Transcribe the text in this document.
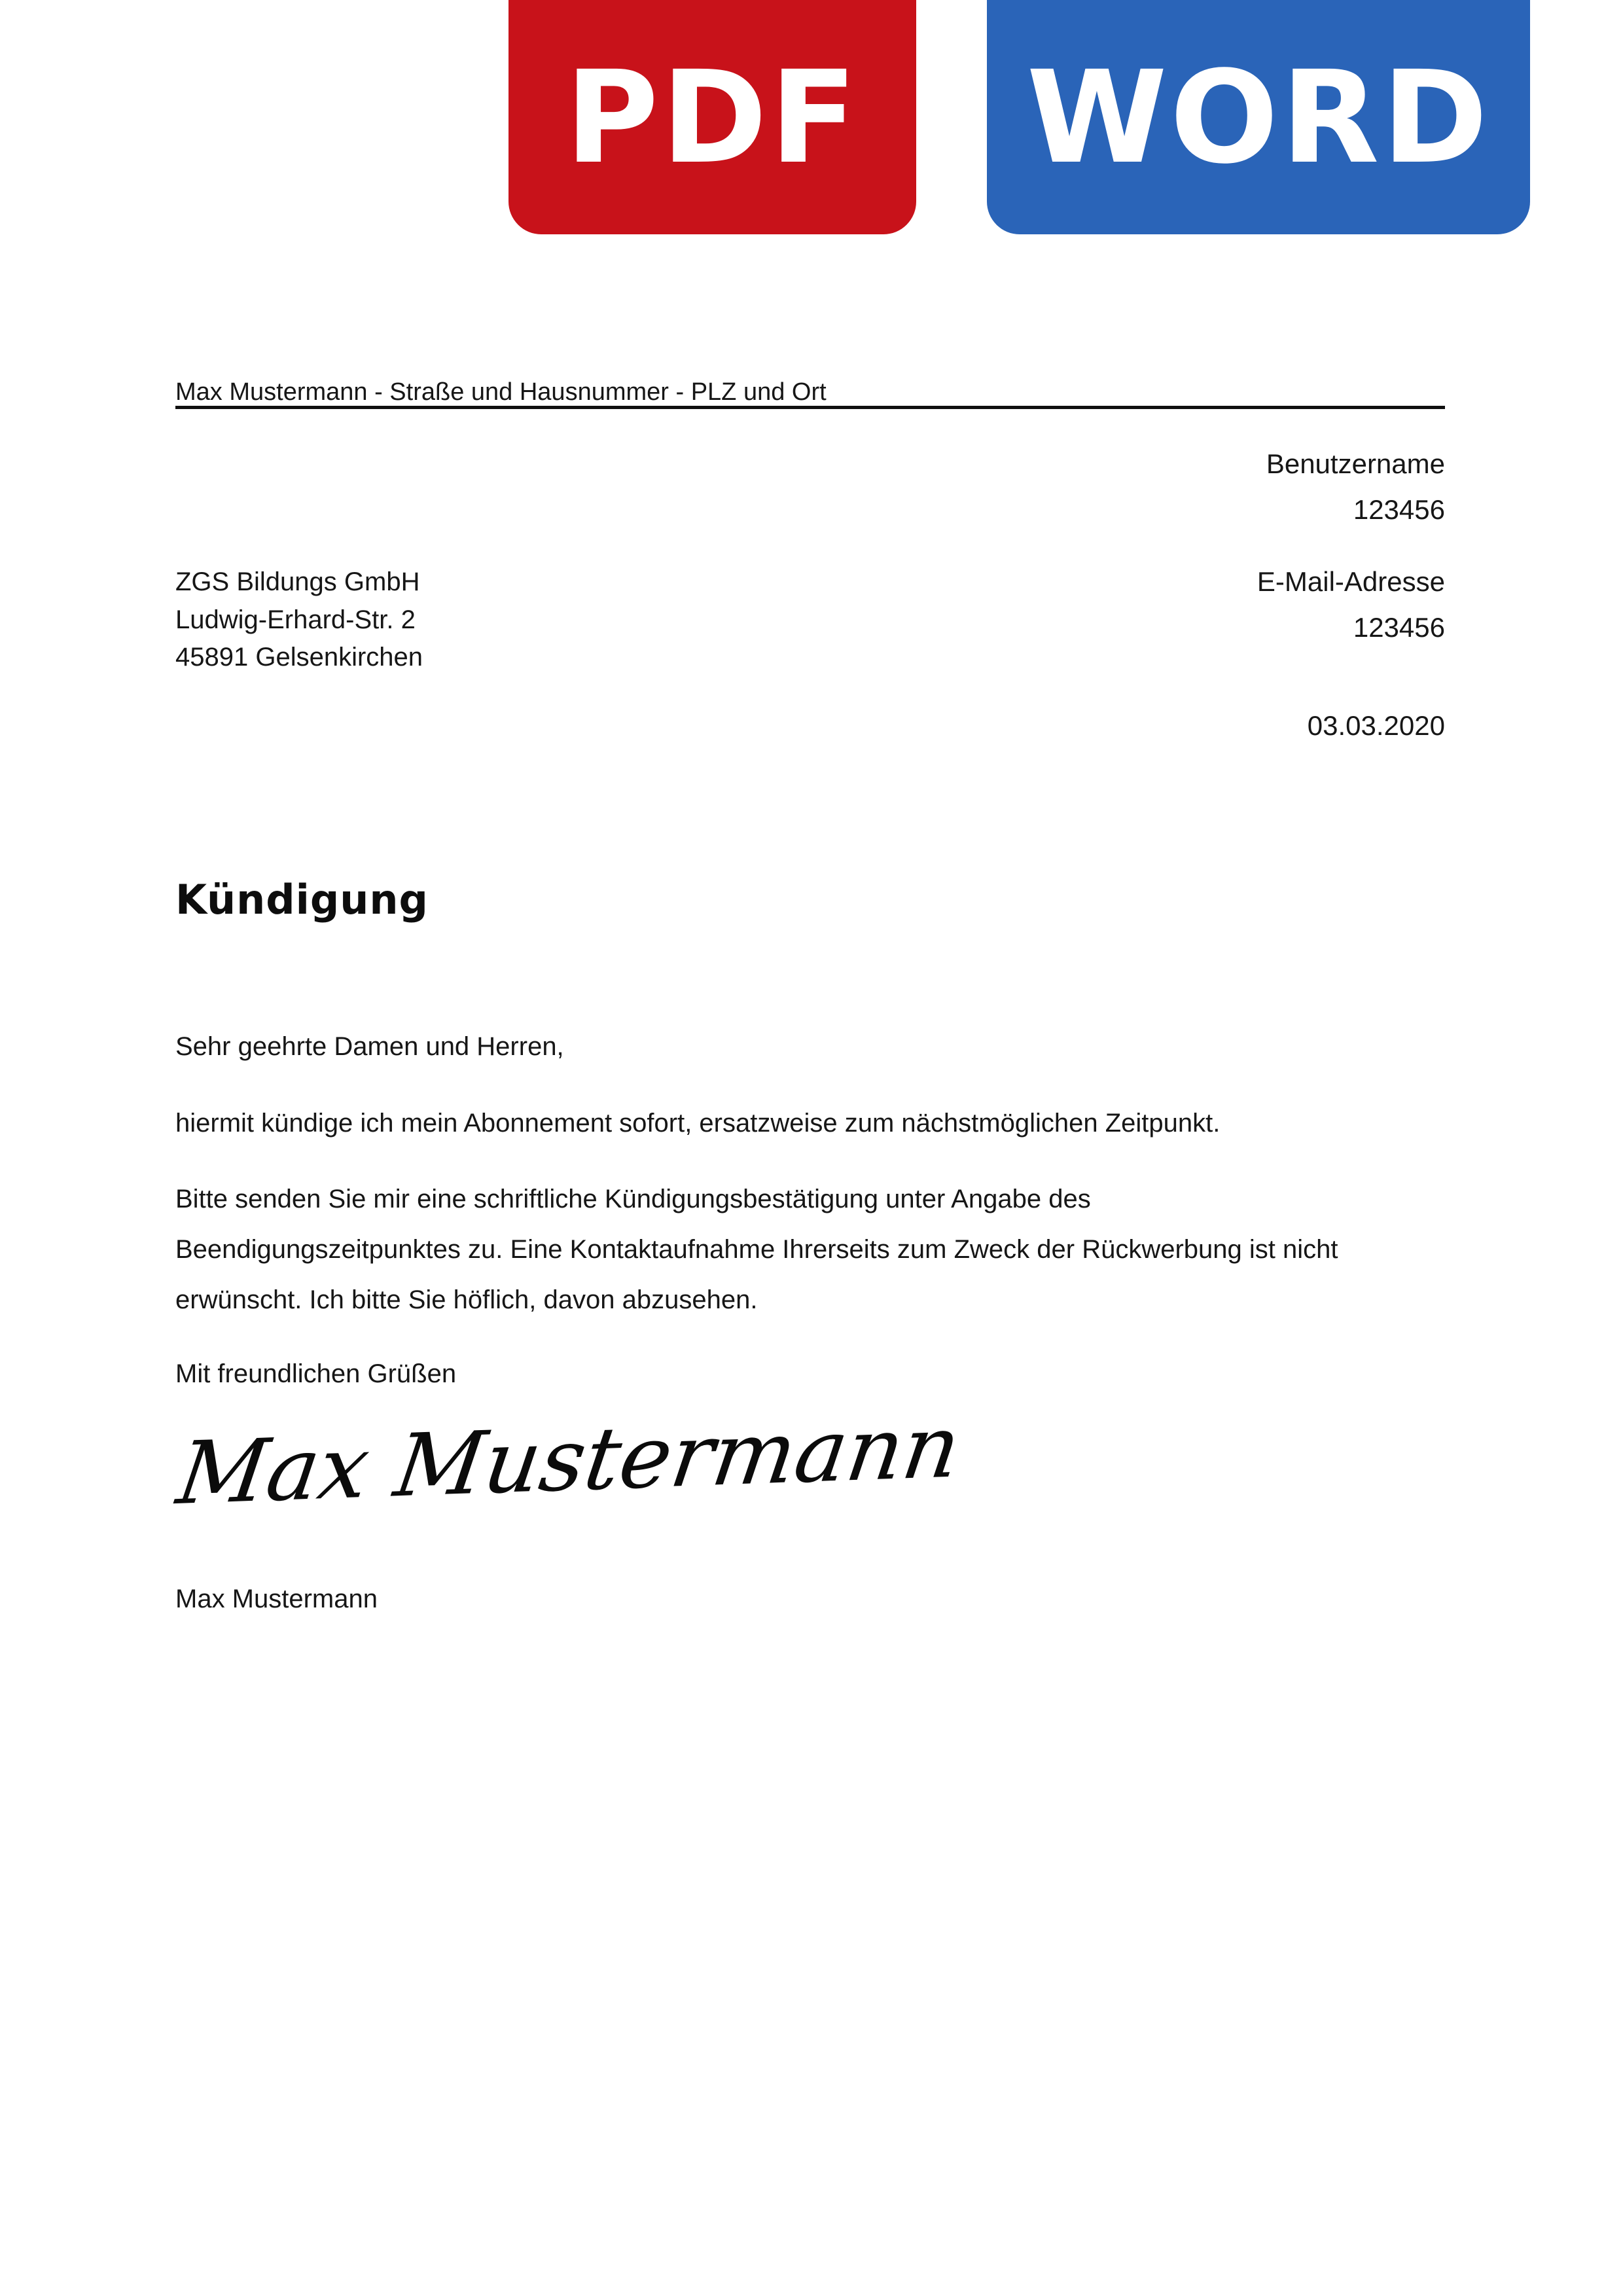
PDF WORD
Max Mustermann - Straße und Hausnummer - PLZ und Ort
Benutzername
123456
E-Mail-Adresse
123456
03.03.2020
ZGS Bildungs GmbH
Ludwig-Erhard-Str. 2
45891 Gelsenkirchen
Kündigung
Sehr geehrte Damen und Herren,
hiermit kündige ich mein Abonnement sofort, ersatzweise zum nächstmöglichen Zeitpunkt.
Bitte senden Sie mir eine schriftliche Kündigungsbestätigung unter Angabe des
Beendigungszeitpunktes zu. Eine Kontaktaufnahme Ihrerseits zum Zweck der Rückwerbung ist nicht
erwünscht. Ich bitte Sie höflich, davon abzusehen.
Mit freundlichen Grüßen
Max Mustermann
Max Mustermann
